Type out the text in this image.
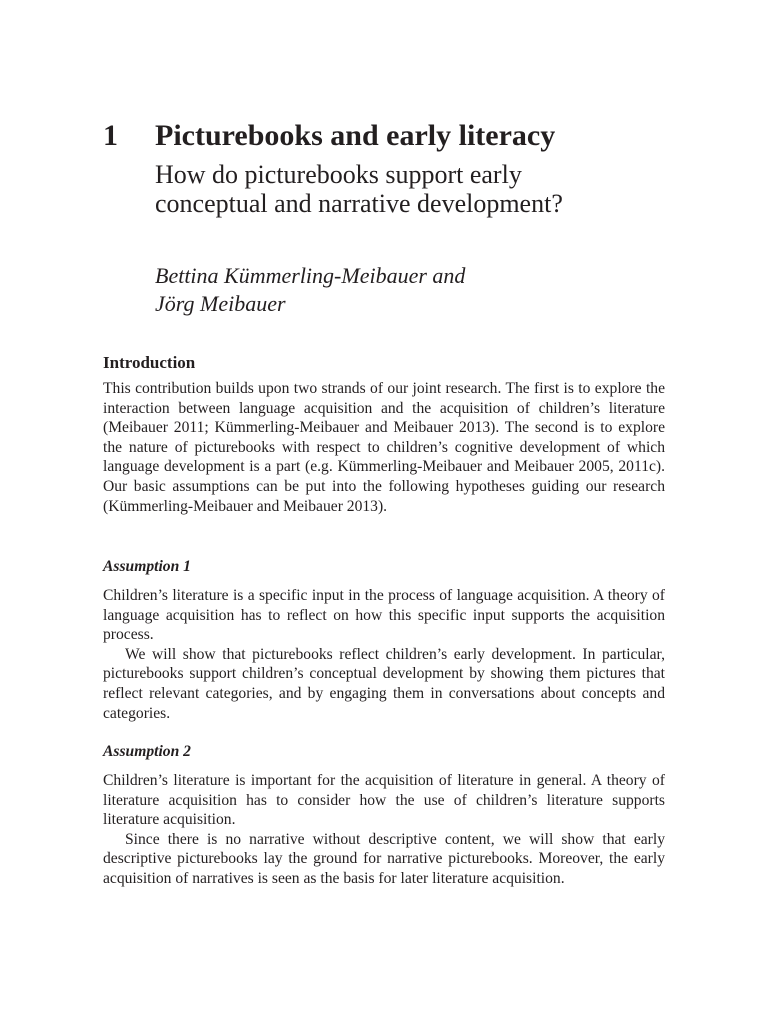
1 Picturebooks and early literacy
How do picturebooks support early conceptual and narrative development?
Bettina Kümmerling-Meibauer and
Jörg Meibauer
Introduction

This contribution builds upon two strands of our joint research. The first is to explore the interaction between language acquisition and the acquisition of children’s literature (Meibauer 2011; Kümmerling-Meibauer and Meibauer 2013). The second is to explore the nature of picturebooks with respect to children’s cognitive development of which language development is a part (e.g. Kümmerling-Meibauer and Meibauer 2005, 2011c). Our basic assumptions can be put into the following hypotheses guiding our research (Kümmerling-Meibauer and Meibauer 2013).

Assumption 1

Children’s literature is a specific input in the process of language acquisition. A theory of language acquisition has to reflect on how this specific input supports the acquisition process.

We will show that picturebooks reflect children’s early development. In particular, picturebooks support children’s conceptual development by showing them pictures that reflect relevant categories, and by engaging them in conversations about concepts and categories.

Assumption 2

Children’s literature is important for the acquisition of literature in general. A theory of literature acquisition has to consider how the use of children’s literature supports literature acquisition.

Since there is no narrative without descriptive content, we will show that early descriptive picturebooks lay the ground for narrative picturebooks. Moreover, the early acquisition of narratives is seen as the basis for later literature acquisition.
